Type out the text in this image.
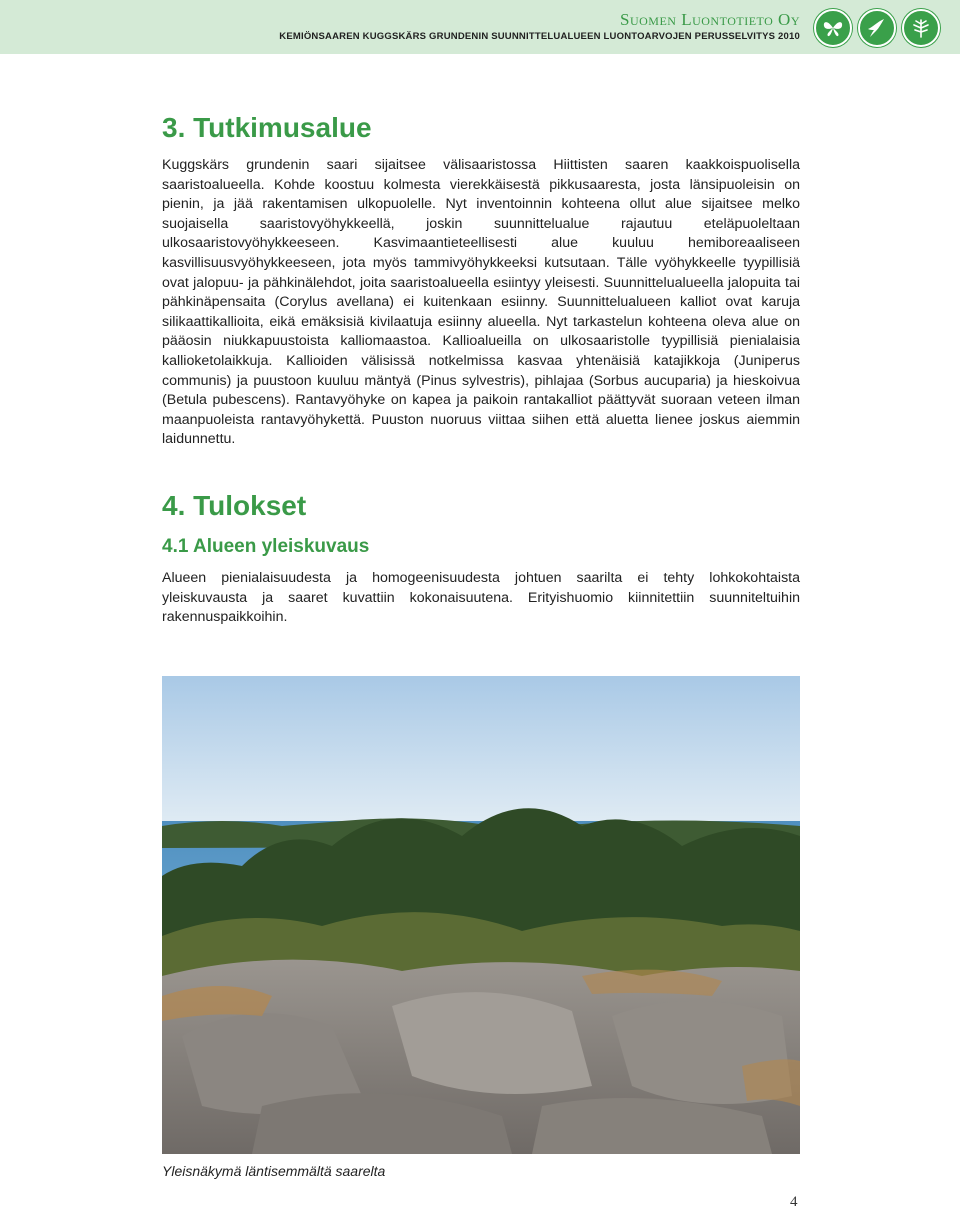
Suomen Luontotieto Oy
KEMIÖNSAAREN KUGGSKÄRS GRUNDENIN SUUNNITTELUALUEEN LUONTOARVOJEN PERUSSELVITYS 2010
3. Tutkimusalue

Kuggskärs grundenin saari sijaitsee välisaaristossa Hiittisten saaren kaakkoispuolisella saaristoalueella. Kohde koostuu kolmesta vierekkäisestä pikkusaaresta, josta länsipuoleisin on pienin, ja jää rakentamisen ulkopuolelle. Nyt inventoinnin kohteena ollut alue sijaitsee melko suojaisella saaristovyöhykkeellä, joskin suunnittelualue rajautuu eteläpuoleltaan ulkosaaristovyöhykkeeseen. Kasvimaantieteellisesti alue kuuluu hemiboreaaliseen kasvillisuusvyöhykkeeseen, jota myös tammivyöhykkeeksi kutsutaan. Tälle vyöhykkeelle tyypillisiä ovat jalopuu- ja pähkinälehdot, joita saaristoalueella esiintyy yleisesti. Suunnittelualueella jalopuita tai pähkinäpensaita (Corylus avellana) ei kuitenkaan esiinny. Suunnittelualueen kalliot ovat karuja silikaattikallioita, eikä emäksisiä kivilaatuja esiinny alueella. Nyt tarkastelun kohteena oleva alue on pääosin niukkapuustoista kalliomaastoa. Kallioalueilla on ulkosaaristolle tyypillisiä pienialaisia kallioketolaikkuja. Kallioiden välisissä notkelmissa kasvaa yhtenäisiä katajikkoja (Juniperus communis) ja puustoon kuuluu mäntyä (Pinus sylvestris), pihlajaa (Sorbus aucuparia) ja hieskoivua (Betula pubescens). Rantavyöhyke on kapea ja paikoin rantakalliot päättyvät suoraan veteen ilman maanpuoleista rantavyöhykettä. Puuston nuoruus viittaa siihen että aluetta lienee joskus aiemmin laidunnettu.

4. Tulokset
4.1 Alueen yleiskuvaus

Alueen pienialaisuudesta ja homogeenisuudesta johtuen saarilta ei tehty lohkokohtaista yleiskuvausta ja saaret kuvattiin kokonaisuutena. Erityishuomio kiinnitettiin suunniteltuihin rakennuspaikkoihin.

Yleisnäkymä läntisemmältä saarelta
4
